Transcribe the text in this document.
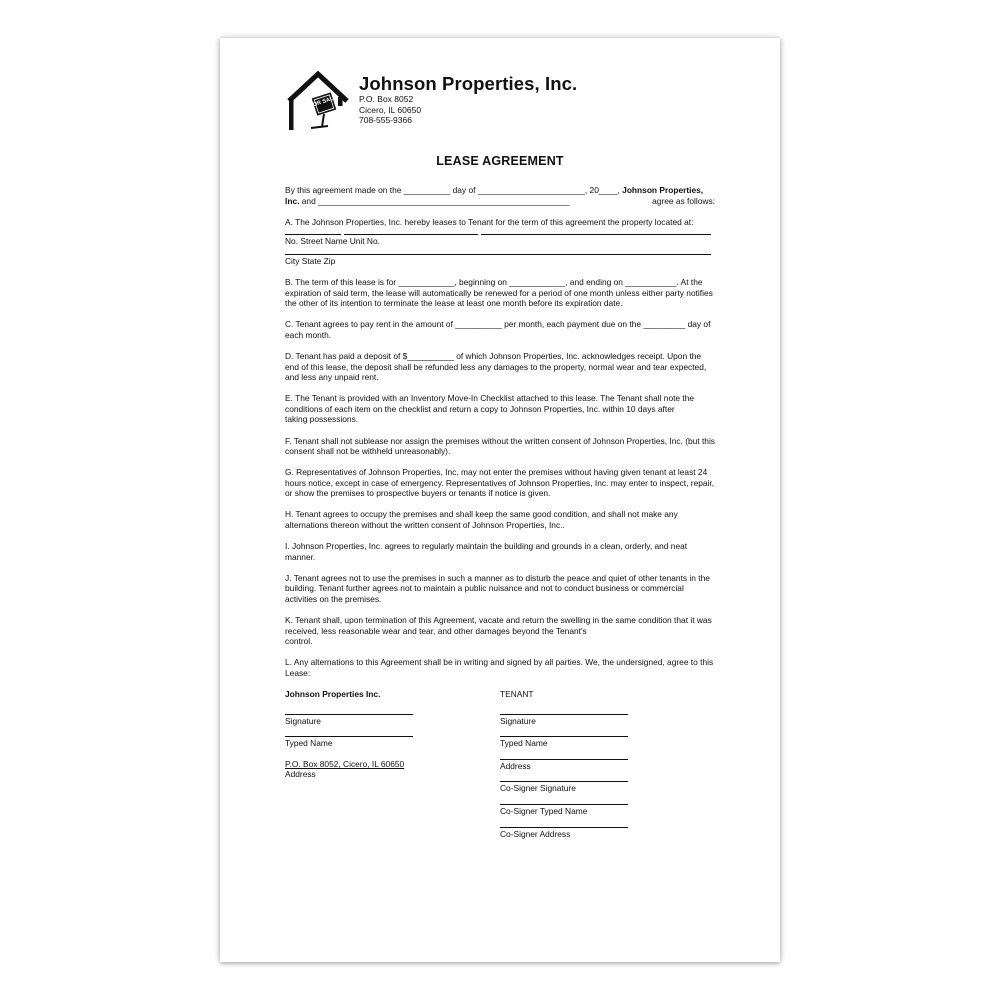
FOR SALE
Johnson Properties, Inc.
P.O. Box 8052
Cicero, IL 60650
708-555-9366
LEASE AGREEMENT
By this agreement made on the __________ day of _______________________, 20____, Johnson Properties, Inc. and ______________________________________________________	agree as follows:
A. The Johnson Properties, Inc. hereby leases to Tenant for the term of this agreement the property located at:
No. Street Name Unit No.
City State Zip
B. The term of this lease is for ____________, beginning on ____________, and ending on ___________. At the expiration of said term, the lease will automatically be renewed for a period of one month unless either party notifies the other of its intention to terminate the lease at least one month before its expiration date.
C. Tenant agrees to pay rent in the amount of __________ per month, each payment due on the _________ day of each month.
D. Tenant has paid a deposit of $__________ of which Johnson Properties, Inc. acknowledges receipt. Upon the end of this lease, the deposit shall be refunded less any damages to the property, normal wear and tear expected, and less any unpaid rent.
E. The Tenant is provided with an Inventory Move-In Checklist attached to this lease. The Tenant shall note the conditions of each item on the checklist and return a copy to Johnson Properties, Inc. within 10 days after
taking possessions.
F. Tenant shall not sublease nor assign the premises without the written consent of Johnson Properties, Inc. (but this consent shall not be withheld unreasonably).
G. Representatives of Johnson Properties, Inc. may not enter the premises without having given tenant at least 24 hours notice, except in case of emergency. Representatives of Johnson Properties, Inc. may enter to inspect, repair, or show the premises to prospective buyers or tenants if notice is given.
H. Tenant agrees to occupy the premises and shall keep the same good condition, and shall not make any alternations thereon without the written consent of Johnson Properties, Inc..
I. Johnson Properties, Inc. agrees to regularly maintain the building and grounds in a clean, orderly, and neat manner.
J. Tenant agrees not to use the premises in such a manner as to disturb the peace and quiet of other tenants in the building. Tenant further agrees not to maintain a public nuisance and not to conduct business or commercial activities on the premises.
K. Tenant shall, upon termination of this Agreement, vacate and return the swelling in the same condition that it was received, less reasonable wear and tear, and other damages beyond the Tenant's
control.
L. Any alternations to this Agreement shall be in writing and signed by all parties. We, the undersigned, agree to this Lease:
Johnson Properties Inc.
Signature
Typed Name
P.O. Box 8052, Cicero, IL 60650
Address
TENANT
Signature
Typed Name
Address
Co-Signer Signature
Co-Signer Typed Name
Co-Signer Address
